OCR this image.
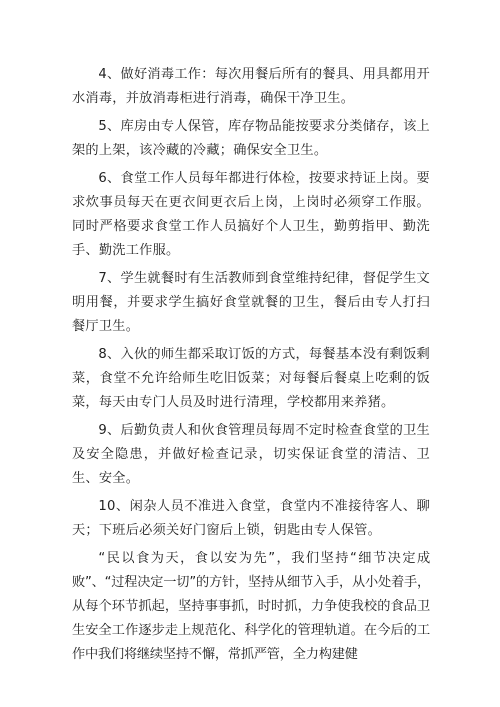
4、做好消毒工作：每次用餐后所有的餐具、用具都用开水消毒，并放消毒柜进行消毒，确保干净卫生。

5、库房由专人保管，库存物品能按要求分类储存，该上架的上架，该冷藏的冷藏；确保安全卫生。

6、食堂工作人员每年都进行体检，按要求持证上岗。要求炊事员每天在更衣间更衣后上岗，上岗时必须穿工作服。同时严格要求食堂工作人员搞好个人卫生，勤剪指甲、勤洗手、勤洗工作服。

7、学生就餐时有生活教师到食堂维持纪律，督促学生文明用餐，并要求学生搞好食堂就餐的卫生，餐后由专人打扫餐厅卫生。

8、入伙的师生都采取订饭的方式，每餐基本没有剩饭剩菜，食堂不允许给师生吃旧饭菜；对每餐后餐桌上吃剩的饭菜，每天由专门人员及时进行清理，学校都用来养猪。

9、后勤负责人和伙食管理员每周不定时检查食堂的卫生及安全隐患，并做好检查记录，切实保证食堂的清洁、卫生、安全。

10、闲杂人员不准进入食堂，食堂内不准接待客人、聊天；下班后必须关好门窗后上锁，钥匙由专人保管。

“民以食为天，食以安为先”，我们坚持“细节决定成败”、“过程决定一切”的方针，坚持从细节入手，从小处着手，从每个环节抓起，坚持事事抓，时时抓，力争使我校的食品卫生安全工作逐步走上规范化、科学化的管理轨道。在今后的工作中我们将继续坚持不懈，常抓严管，全力构建健
